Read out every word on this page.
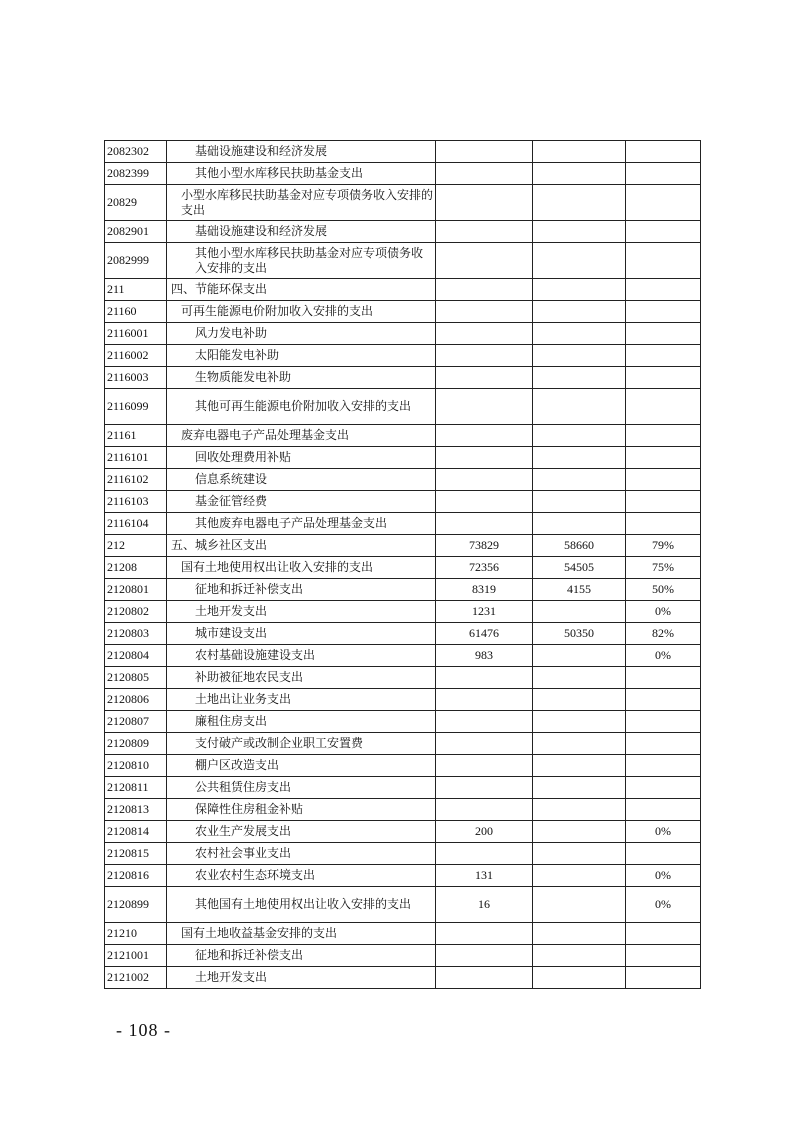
2082302	基础设施建设和经济发展			
2082399	其他小型水库移民扶助基金支出			
20829	小型水库移民扶助基金对应专项债务收入安排的支出			
2082901	基础设施建设和经济发展			
2082999	其他小型水库移民扶助基金对应专项债务收入安排的支出			
211	四、节能环保支出			
21160	可再生能源电价附加收入安排的支出			
2116001	风力发电补助			
2116002	太阳能发电补助			
2116003	生物质能发电补助			
2116099	其他可再生能源电价附加收入安排的支出			
21161	废弃电器电子产品处理基金支出			
2116101	回收处理费用补贴			
2116102	信息系统建设			
2116103	基金征管经费			
2116104	其他废弃电器电子产品处理基金支出			
212	五、城乡社区支出	73829	58660	79%
21208	国有土地使用权出让收入安排的支出	72356	54505	75%
2120801	征地和拆迁补偿支出	8319	4155	50%
2120802	土地开发支出	1231		0%
2120803	城市建设支出	61476	50350	82%
2120804	农村基础设施建设支出	983		0%
2120805	补助被征地农民支出			
2120806	土地出让业务支出			
2120807	廉租住房支出			
2120809	支付破产或改制企业职工安置费			
2120810	棚户区改造支出			
2120811	公共租赁住房支出			
2120813	保障性住房租金补贴			
2120814	农业生产发展支出	200		0%
2120815	农村社会事业支出			
2120816	农业农村生态环境支出	131		0%
2120899	其他国有土地使用权出让收入安排的支出	16		0%
21210	国有土地收益基金安排的支出			
2121001	征地和拆迁补偿支出			
2121002	土地开发支出			
- 108 -
